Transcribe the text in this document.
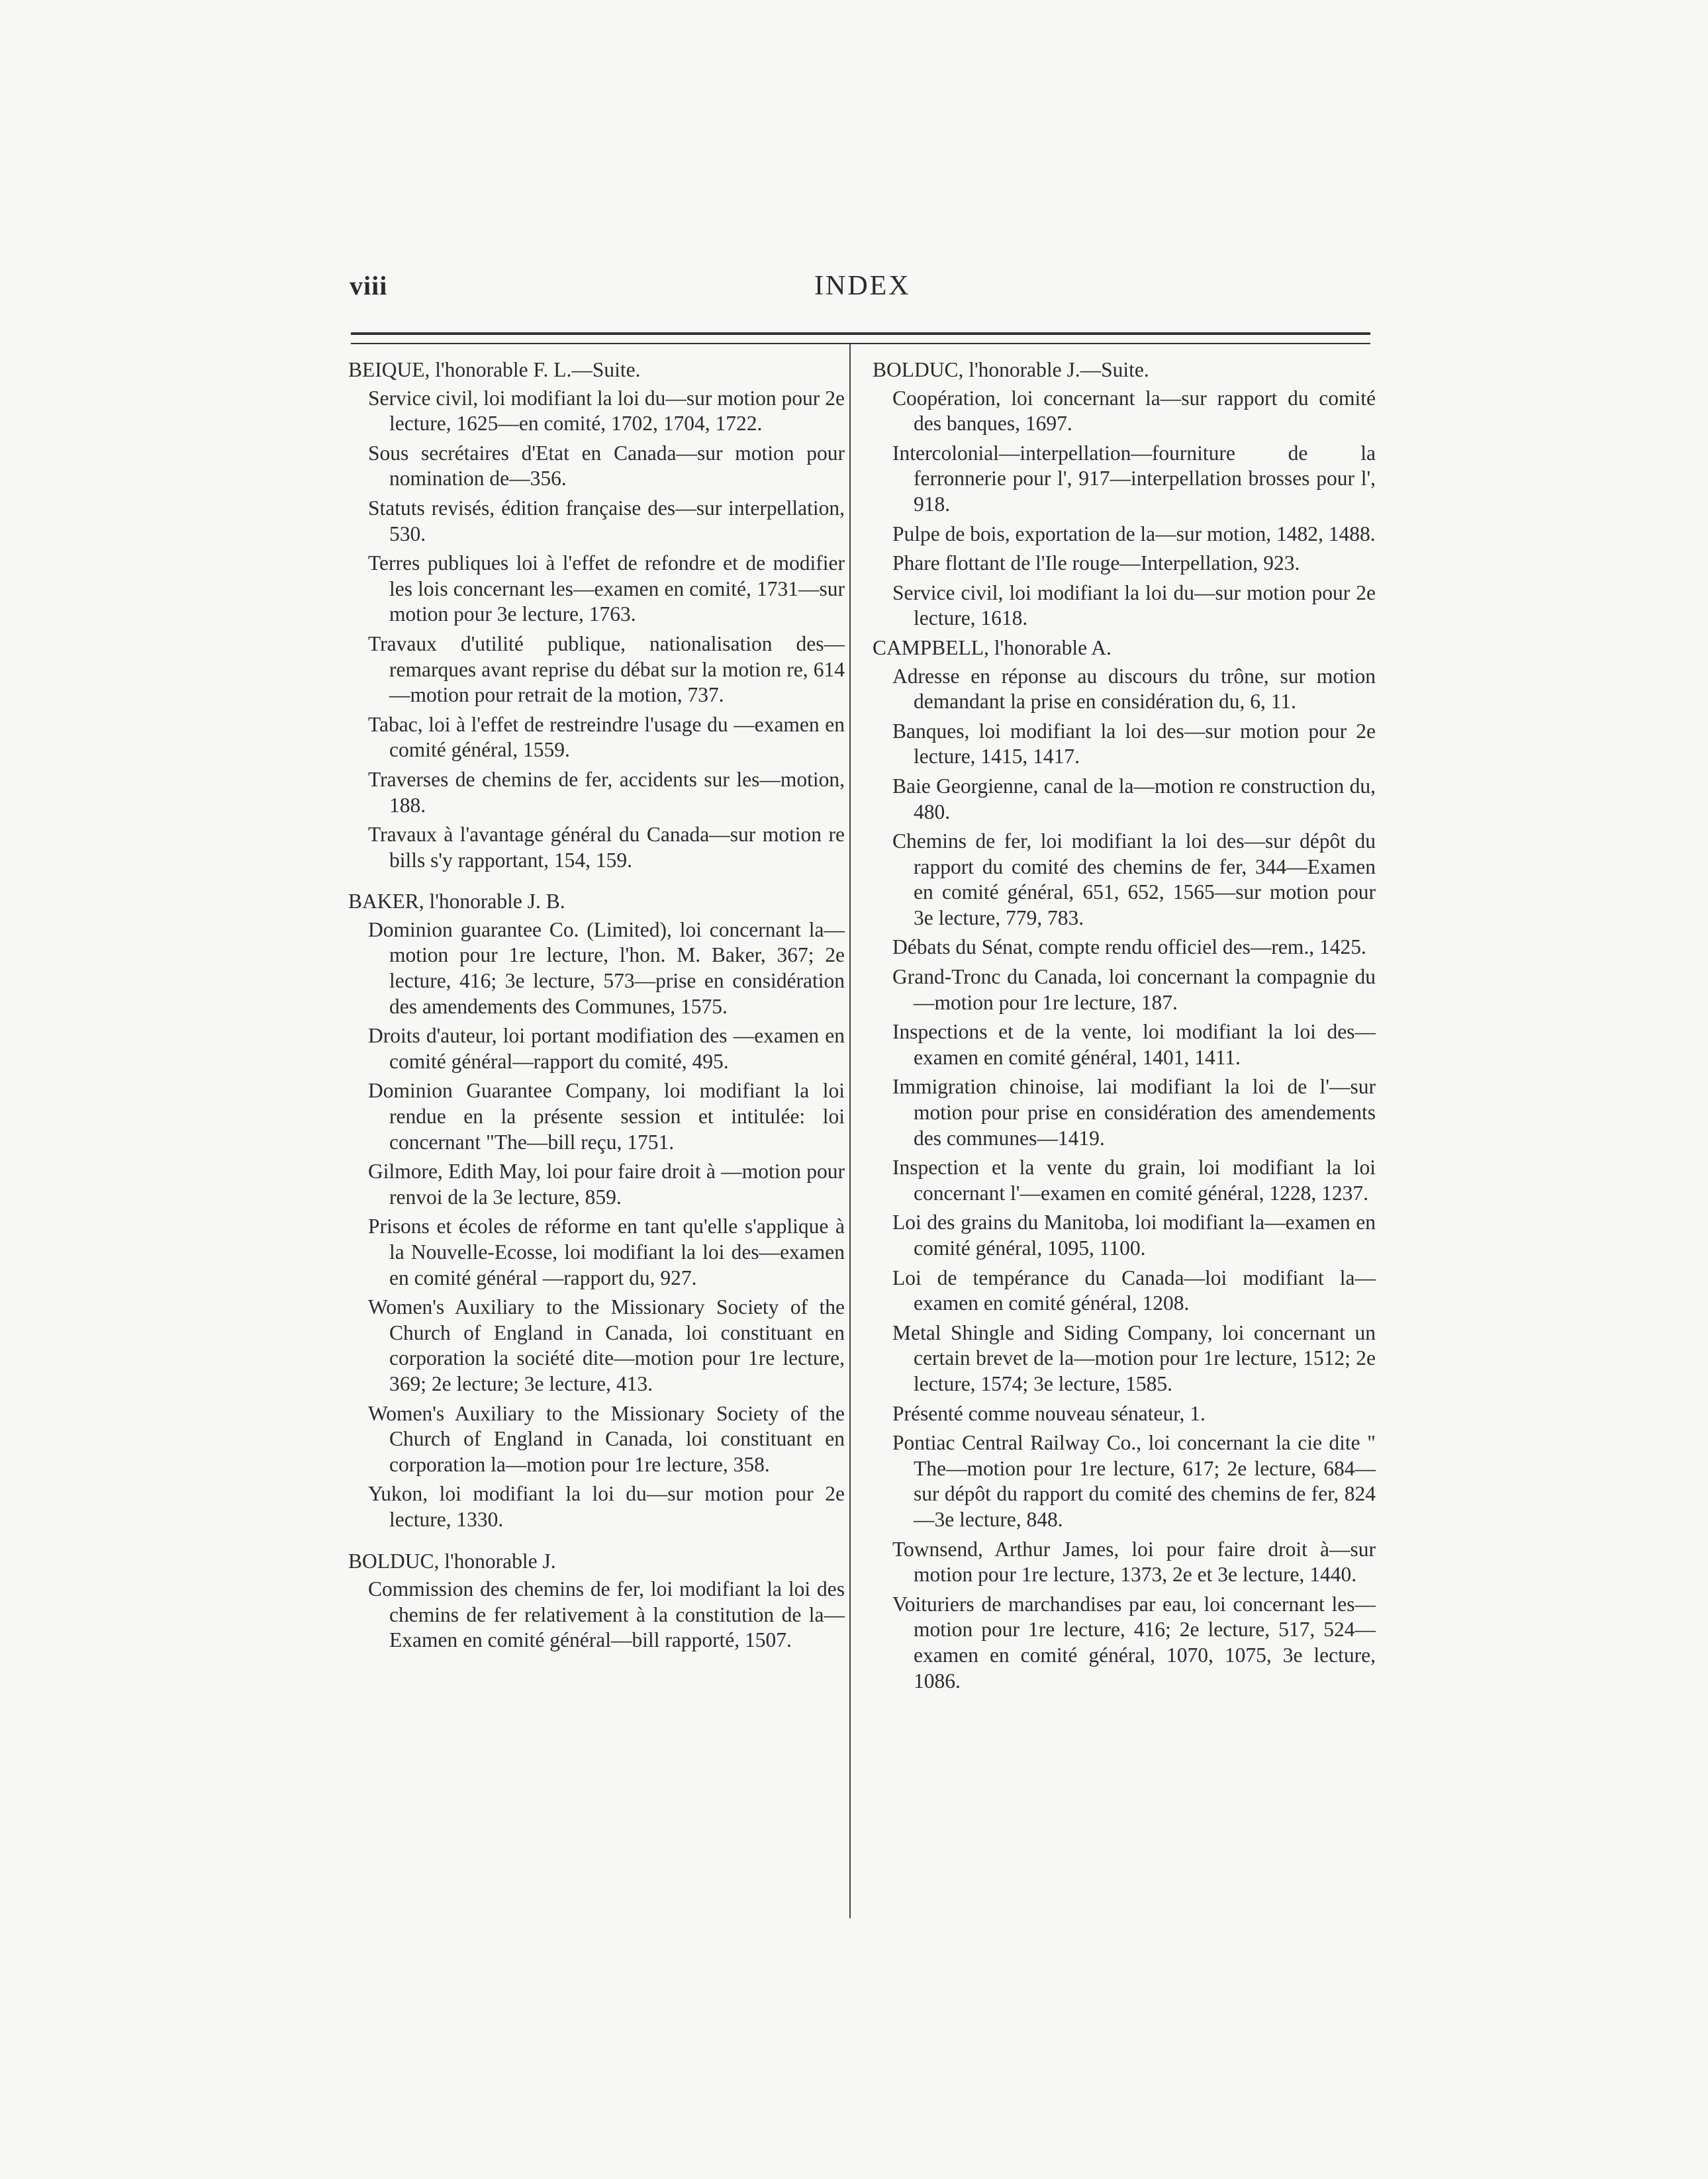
viii	INDEX
BEIQUE, l'honorable F. L.—Suite.
Service civil, loi modifiant la loi du—sur motion pour 2e lecture, 1625—en comité, 1702, 1704, 1722.
Sous secrétaires d'Etat en Canada—sur motion pour nomination de—356.
Statuts revisés, édition française des—sur interpellation, 530.
Terres publiques loi à l'effet de refondre et de modifier les lois concernant les—examen en comité, 1731—sur motion pour 3e lecture, 1763.
Travaux d'utilité publique, nationalisation des—remarques avant reprise du débat sur la motion re, 614—motion pour retrait de la motion, 737.
Tabac, loi à l'effet de restreindre l'usage du —examen en comité général, 1559.
Traverses de chemins de fer, accidents sur les—motion, 188.
Travaux à l'avantage général du Canada—sur motion re bills s'y rapportant, 154, 159.
BAKER, l'honorable J. B.
Dominion guarantee Co. (Limited), loi concernant la—motion pour 1re lecture, l'hon. M. Baker, 367; 2e lecture, 416; 3e lecture, 573—prise en considération des amendements des Communes, 1575.
Droits d'auteur, loi portant modifiation des —examen en comité général—rapport du comité, 495.
Dominion Guarantee Company, loi modifiant la loi rendue en la présente session et intitulée: loi concernant "The—bill reçu, 1751.
Gilmore, Edith May, loi pour faire droit à —motion pour renvoi de la 3e lecture, 859.
Prisons et écoles de réforme en tant qu'elle s'applique à la Nouvelle-Ecosse, loi modifiant la loi des—examen en comité général —rapport du, 927.
Women's Auxiliary to the Missionary Society of the Church of England in Canada, loi constituant en corporation la société dite—motion pour 1re lecture, 369; 2e lecture; 3e lecture, 413.
Women's Auxiliary to the Missionary Society of the Church of England in Canada, loi constituant en corporation la—motion pour 1re lecture, 358.
Yukon, loi modifiant la loi du—sur motion pour 2e lecture, 1330.
BOLDUC, l'honorable J.
Commission des chemins de fer, loi modifiant la loi des chemins de fer relativement à la constitution de la—Examen en comité général—bill rapporté, 1507.
BOLDUC, l'honorable J.—Suite.
Coopération, loi concernant la—sur rapport du comité des banques, 1697.
Intercolonial—interpellation—fourniture de la ferronnerie pour l', 917—interpellation brosses pour l', 918.
Pulpe de bois, exportation de la—sur motion, 1482, 1488.
Phare flottant de l'Ile rouge—Interpellation, 923.
Service civil, loi modifiant la loi du—sur motion pour 2e lecture, 1618.
CAMPBELL, l'honorable A.
Adresse en réponse au discours du trône, sur motion demandant la prise en considération du, 6, 11.
Banques, loi modifiant la loi des—sur motion pour 2e lecture, 1415, 1417.
Baie Georgienne, canal de la—motion re construction du, 480.
Chemins de fer, loi modifiant la loi des—sur dépôt du rapport du comité des chemins de fer, 344—Examen en comité général, 651, 652, 1565—sur motion pour 3e lecture, 779, 783.
Débats du Sénat, compte rendu officiel des—rem., 1425.
Grand-Tronc du Canada, loi concernant la compagnie du—motion pour 1re lecture, 187.
Inspections et de la vente, loi modifiant la loi des—examen en comité général, 1401, 1411.
Immigration chinoise, lai modifiant la loi de l'—sur motion pour prise en considération des amendements des communes—1419.
Inspection et la vente du grain, loi modifiant la loi concernant l'—examen en comité général, 1228, 1237.
Loi des grains du Manitoba, loi modifiant la—examen en comité général, 1095, 1100.
Loi de tempérance du Canada—loi modifiant la—examen en comité général, 1208.
Metal Shingle and Siding Company, loi concernant un certain brevet de la—motion pour 1re lecture, 1512; 2e lecture, 1574; 3e lecture, 1585.
Présenté comme nouveau sénateur, 1.
Pontiac Central Railway Co., loi concernant la cie dite " The—motion pour 1re lecture, 617; 2e lecture, 684—sur dépôt du rapport du comité des chemins de fer, 824—3e lecture, 848.
Townsend, Arthur James, loi pour faire droit à—sur motion pour 1re lecture, 1373, 2e et 3e lecture, 1440.
Voituriers de marchandises par eau, loi concernant les—motion pour 1re lecture, 416; 2e lecture, 517, 524—examen en comité général, 1070, 1075, 3e lecture, 1086.
